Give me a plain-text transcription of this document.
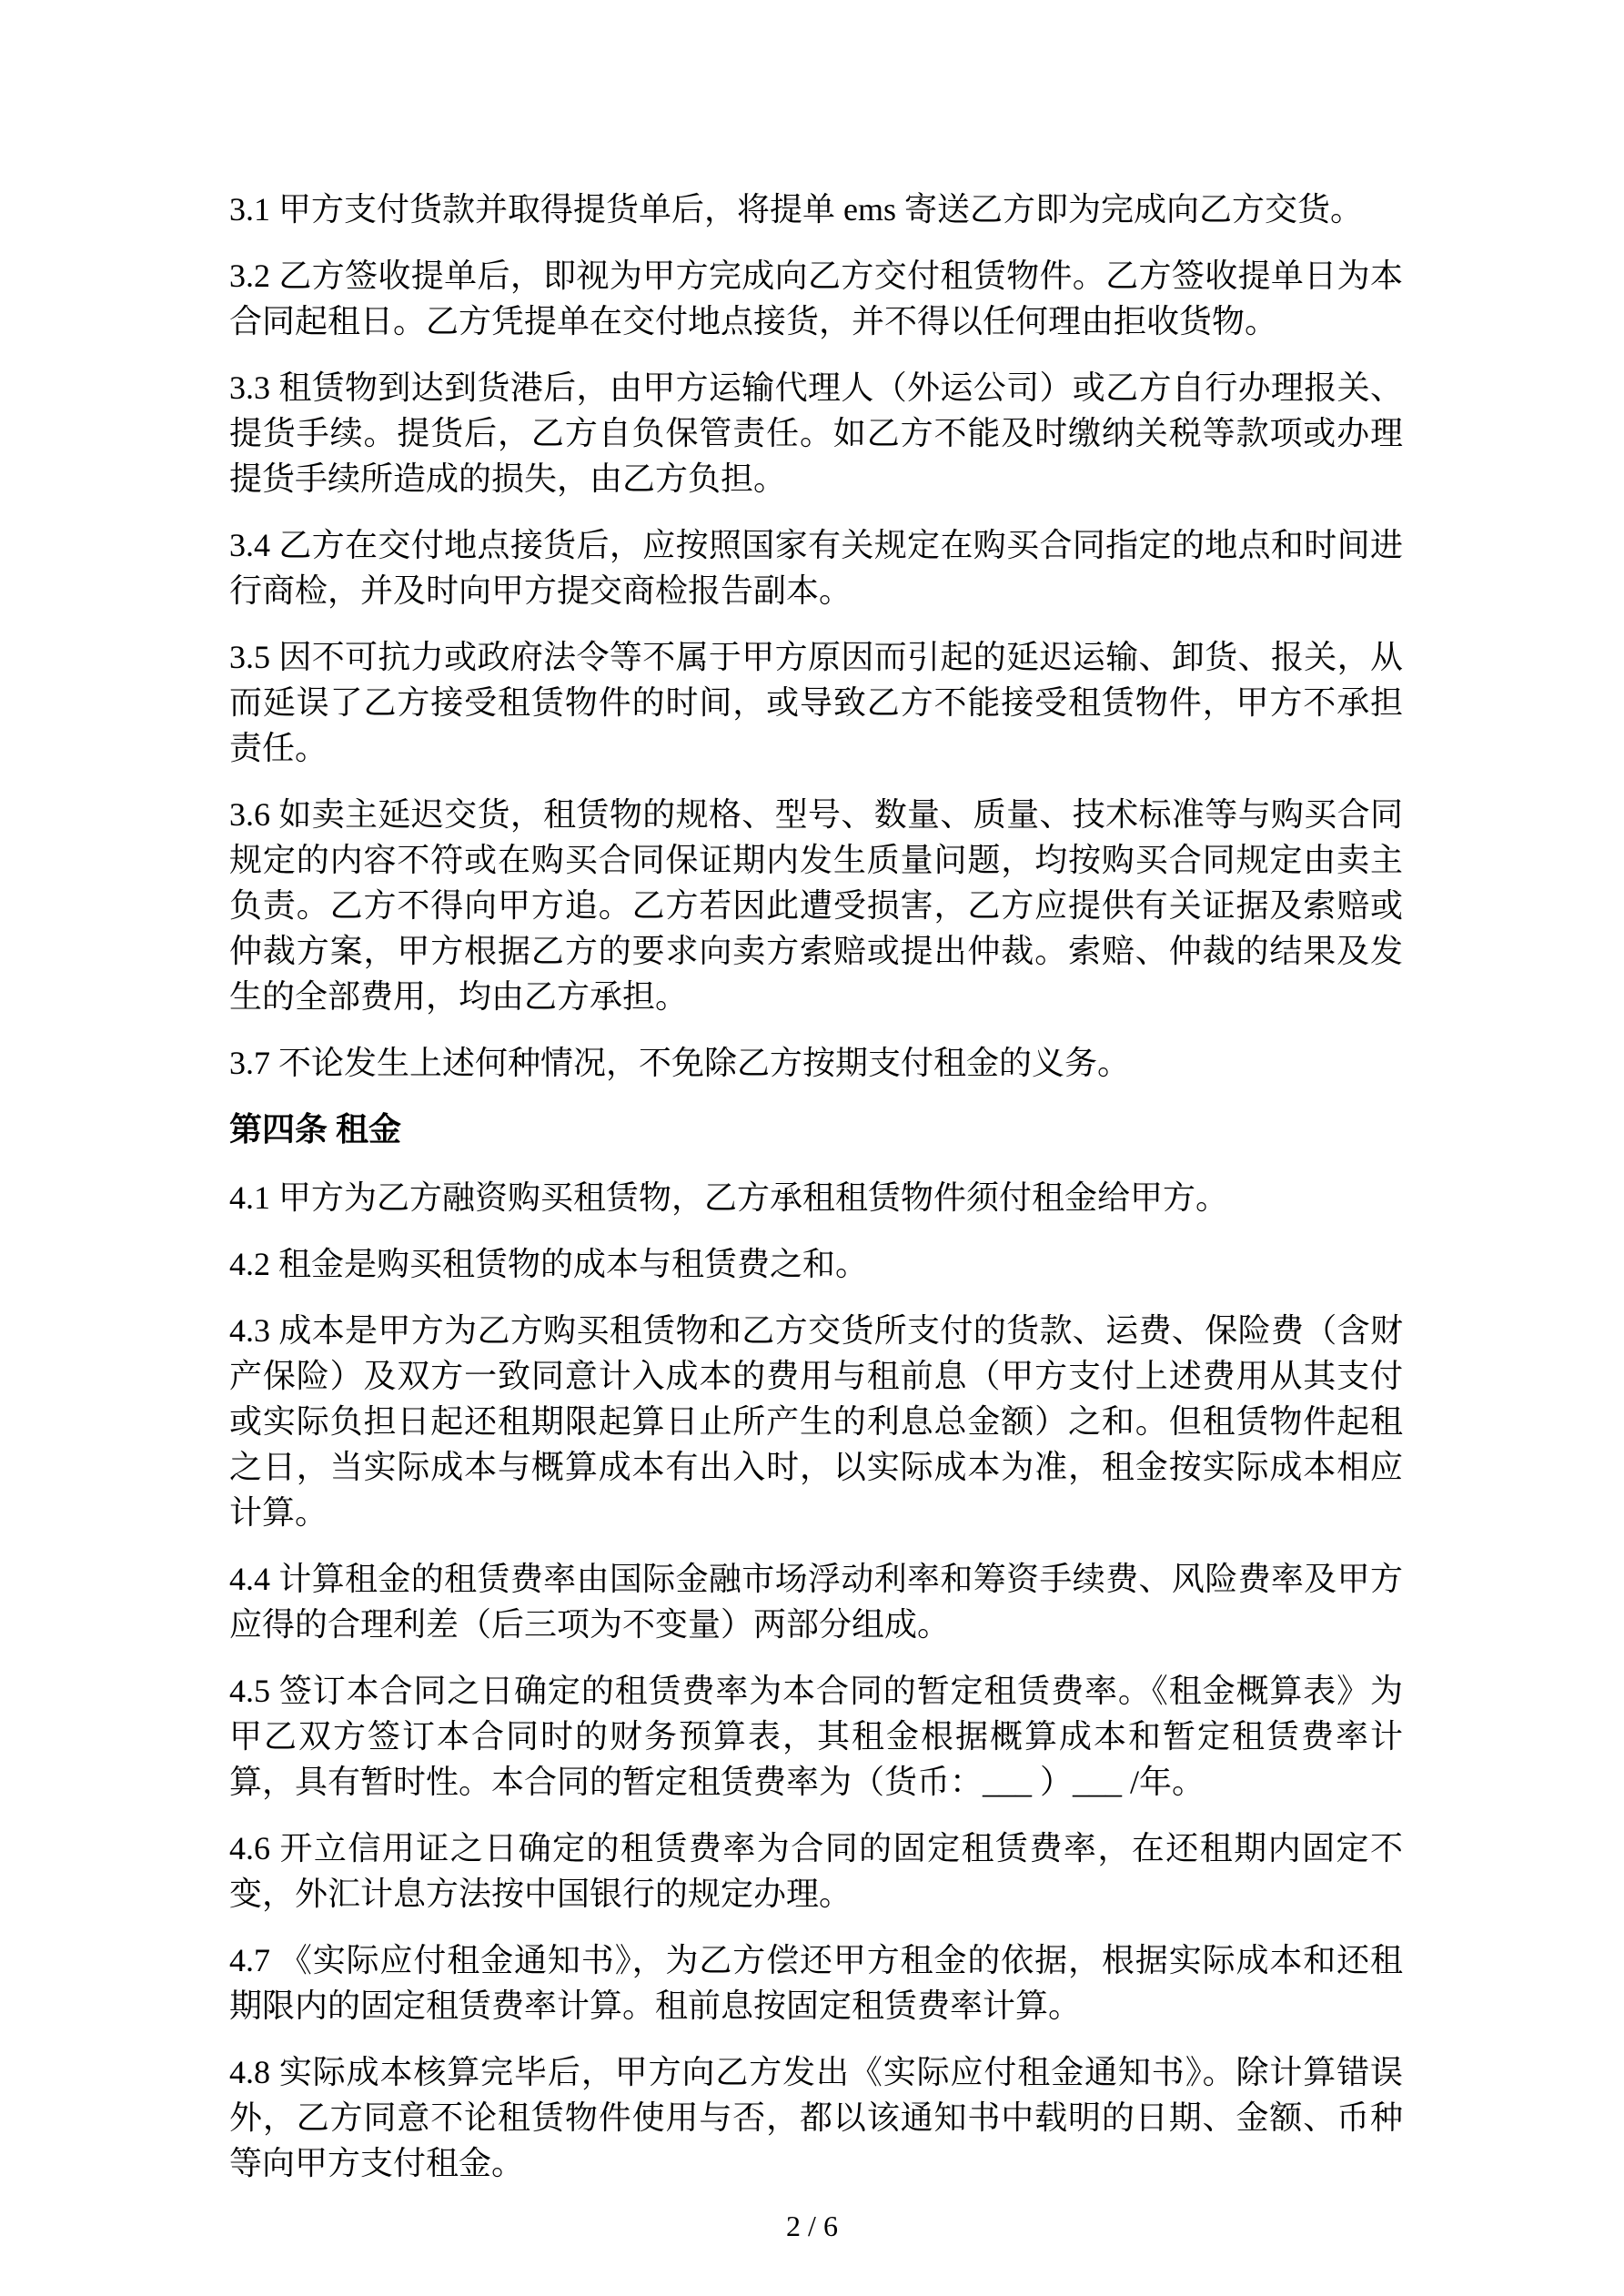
3.1 甲方支付货款并取得提货单后，将提单 ems 寄送乙方即为完成向乙方交货。
3.2 乙方签收提单后，即视为甲方完成向乙方交付租赁物件。乙方签收提单日为本合同起租日。乙方凭提单在交付地点接货，并不得以任何理由拒收货物。
3.3 租赁物到达到货港后，由甲方运输代理人（外运公司）或乙方自行办理报关、提货手续。提货后，乙方自负保管责任。如乙方不能及时缴纳关税等款项或办理提货手续所造成的损失，由乙方负担。
3.4 乙方在交付地点接货后，应按照国家有关规定在购买合同指定的地点和时间进行商检，并及时向甲方提交商检报告副本。
3.5 因不可抗力或政府法令等不属于甲方原因而引起的延迟运输、卸货、报关，从而延误了乙方接受租赁物件的时间，或导致乙方不能接受租赁物件，甲方不承担责任。
3.6 如卖主延迟交货，租赁物的规格、型号、数量、质量、技术标准等与购买合同规定的内容不符或在购买合同保证期内发生质量问题，均按购买合同规定由卖主负责。乙方不得向甲方追。乙方若因此遭受损害，乙方应提供有关证据及索赔或仲裁方案，甲方根据乙方的要求向卖方索赔或提出仲裁。索赔、仲裁的结果及发生的全部费用，均由乙方承担。
3.7 不论发生上述何种情况，不免除乙方按期支付租金的义务。
第四条 租金
4.1 甲方为乙方融资购买租赁物，乙方承租租赁物件须付租金给甲方。
4.2 租金是购买租赁物的成本与租赁费之和。
4.3 成本是甲方为乙方购买租赁物和乙方交货所支付的货款、运费、保险费（含财产保险）及双方一致同意计入成本的费用与租前息（甲方支付上述费用从其支付或实际负担日起还租期限起算日止所产生的利息总金额）之和。但租赁物件起租之日，当实际成本与概算成本有出入时，以实际成本为准，租金按实际成本相应计算。
4.4 计算租金的租赁费率由国际金融市场浮动利率和筹资手续费、风险费率及甲方应得的合理利差（后三项为不变量）两部分组成。
4.5 签订本合同之日确定的租赁费率为本合同的暂定租赁费率。《租金概算表》为甲乙双方签订本合同时的财务预算表，其租金根据概算成本和暂定租赁费率计算，具有暂时性。本合同的暂定租赁费率为（货币：___ ）___ /年。
4.6 开立信用证之日确定的租赁费率为合同的固定租赁费率，在还租期内固定不变，外汇计息方法按中国银行的规定办理。
4.7 《实际应付租金通知书》，为乙方偿还甲方租金的依据，根据实际成本和还租期限内的固定租赁费率计算。租前息按固定租赁费率计算。
4.8 实际成本核算完毕后，甲方向乙方发出《实际应付租金通知书》。除计算错误外，乙方同意不论租赁物件使用与否，都以该通知书中载明的日期、金额、币种等向甲方支付租金。
2 / 6
